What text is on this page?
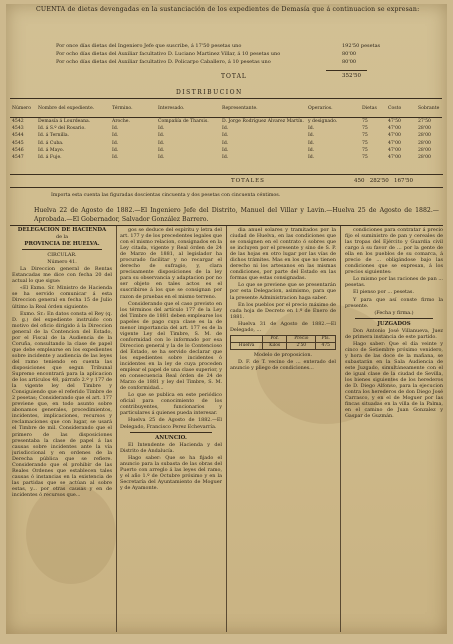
CUENTA de dietas devengadas en la sustanciación de los expedientes de Demasía que á continuacion se expresan:
Por once días dietas del Ingeniero Jefe que suscribe, á 17'50 pesetas uno	192'50 pesetas
Por ocho días dietas del Auxiliar facultativo D. Luciano Martinez Villar, á 10 pesetas uno	80'00
Por ocho días dietas del Auxiliar facultativo D. Policarpo Caballero, á 10 pesetas uno	80'00
TOTAL	352'50
DISTRIBUCION
Número	Nombre del expediente.	Término.	Interesado.	Representante.	Operarios.	Dietas	Costo	Sobrante
4542	Demasía á Lourdeana.	Aroche.	Compañía de Tharsis.	D. Jorge Rodríguez Alvarez Martín.	y designado.	75	47'50	27'50
4543	Id. á S.º del Rosario.	Id.	Id.	Id.	Id.	75	47'00	28'00
4544	Id. á Ternilla.	Id.	Id.	Id.	Id.	75	47'00	28'00
4545	Id. á Cuba.	Id.	Id.	Id.	Id.	75	47'00	28'00
4546	Id. á Mayo.	Id.	Id.	Id.	Id.	75	47'00	28'00
4547	Id. á Fuje.	Id.	Id.	Id.	Id.	75	47'00	28'00
TOTALES	450 282'50 167'50
Importa esta cuenta las figuradas doscientas cincuenta y dos pesetas con cincuenta céntimos.
Huelva 22 de Agosto de 1882.—El Ingeniero Jefe del Distrito, Manuel del Villar y Lavin.—Huelva 25 de Agosto de 1882.—Aprobada.—El Gobernador, Salvador González Barrero.

DELEGACION DE HACIENDA

de la

PROVINCIA DE HUELVA.

CIRCULAR.

Número 41.

La Direccion general de Rentas Estancadas me dice con fecha 20 del actual lo que sigue:

«El Exmo. Sr. Ministro de Hacienda se ha servido comunicar á esta Direccion general en fecha 15 de Julio último la Real órden siguiente:

Exmo. Sr.: En datos consta el Rey (q. D. g.) del expediente instruido con motivo del oficio dirigido á la Direccion general de la Contencion del Estado, por el Fiscal de la Audiencia de la Coruña, consultando la clase de papel que debe emplearse en los expedientes sobre incidente y audiencia de las leyes del ramo teniendo en cuenta las disposiciones que segun Tribunal Supremo encontrará para la aplicacion de los artículos 48, párrafo 2.º y 177 de la vigente ley del Timbre y Consiguiendo que el referido Timbre de 2 pesetas; Considerando que el art. 177 previene que, en todo asunto sobre abonamos generales, procedimientos, incidentes, implicaciones, recursos y reclamaciones que con lugar, se usará el Timbre de mil. Considerando que el primero de las disposiciones presentaba la clase de papel á las causas sobre incidentes ante la vía jurisdiccional y en ordenes de la Derecha pública que se refiere. Considerando que el prohibir de las Reales Ordenes que establecen tales causas ó instancias en la existencia de las partidas que se actúan al sobre estas, y... por otras causas y en de incidentes ó recursos que...

gos se deduce del espíritu y letra del art. 177 y de los precedentes legales que con el mismo relacion, consignados en la Ley citada, vigente y Real órden de 24 de Marzo de 1881, al legislador ha procurado facilitar y no recargar el derecho de sufragio, y, clara precisamente disposiciones de la ley para su observancia y adaptacion por no ser objeto en tales actos es el suscribirse á los que se consignan por razon de pruebas en el mismo terreno.

Considerando que el caso previsto en los términos del artículo 177 de la Ley del Timbre de 1881 deben emplearse los papeles de pago cuya clase es la de menor importancia del art. 177 es de la vigente Ley del Timbre, S. M. de conformidad con lo informado por esa Direccion general y la de lo Contencioso del Estado, se ha servido declarar que los expedientes sobre incidentes ó incidentes en la ley de cuya proceden emplear el papel de una clase superior, y en consecuencia Real órden de 24 de Marzo de 1881 y ley del Timbre, S. M. de conformidad...

Lo que se publica en este periódico oficial para conocimiento de los contribuyentes, funcionarios y particulares á quienes pueda interesar.

Huelva 25 de Agosto de 1882.—El Delegado, Francisco Perez Echevarría.

ANUNCIO.

El Intendente de Hacienda y del Distrito de Andalucía.

Hago saber: Que se ha fijado el anuncio para la subasta de las obras del Puerto con arreglo á las leyes del ramo, y el año 1.º de Octubre próximo y en la Secretaría del Ayuntamiento de Moguer y de Ayamonte.

dia anuel solares y tramitados por la ciudad de Huelva, en las condiciones que se consignen en el contrato ó sobres que se incluyen por el presente y sino de S. P. de las hojas en otro lugar por las vías de dichos trámites. Mas en los que no tienen derecho ni los artesanos en las mismas condiciones, por parte del Estado en las formas que estas consignadas.

Lo que se previene que se presentarán por esta Delegacion, asimismo, para que la presente Administracion haga saber.

En los pueblos por el precio máximo de cada hoja de Decreto en 1.º de Enero de 1881.

Huelva 31 de Agosto de 1882.—El Delegado, ...

	Por.	Precio	Pts.
Huelva	Kilos	2'50	475

Modelo de proposicion.

D. F. de T. vecino de ... enterado del anuncio y pliego de condiciones...

condiciones para contratar á precio fijo el suministro de pan y cereales de las tropas del Ejército y Guardia civil cargo á su favor de ... por la gente de ella en los pueblos de su comarca, á precio de ... obligándose bajo las condiciones que se expresan, á los precios siguientes:

Lo mismo por las raciones de pan ... pesetas.

El pienso por ... pesetas.

Y para que así conste firmo la presente.

(Fecha y firma.)

JUZGADOS

Don Antonio José Villanueva, Juez de primera instancia de este partido.

Hago saber: Que el día veinte y cinco de Setiembre próximo venidero, y hora de las doce de la mañana, se subastarán en la Sala Audiencia de este Juzgado, simultáneamente con el de igual clase de la ciudad de Sevilla, los bienes siguientes de los herederos de D. Diego Alfonso, para la ejecucion contra los herederos de don Diego José Carrasco, y en el de Moguer por las fincas situadas en la villa de la Palma, en el camino de Juan Gonzalez y Gaspar de Guzmán.
